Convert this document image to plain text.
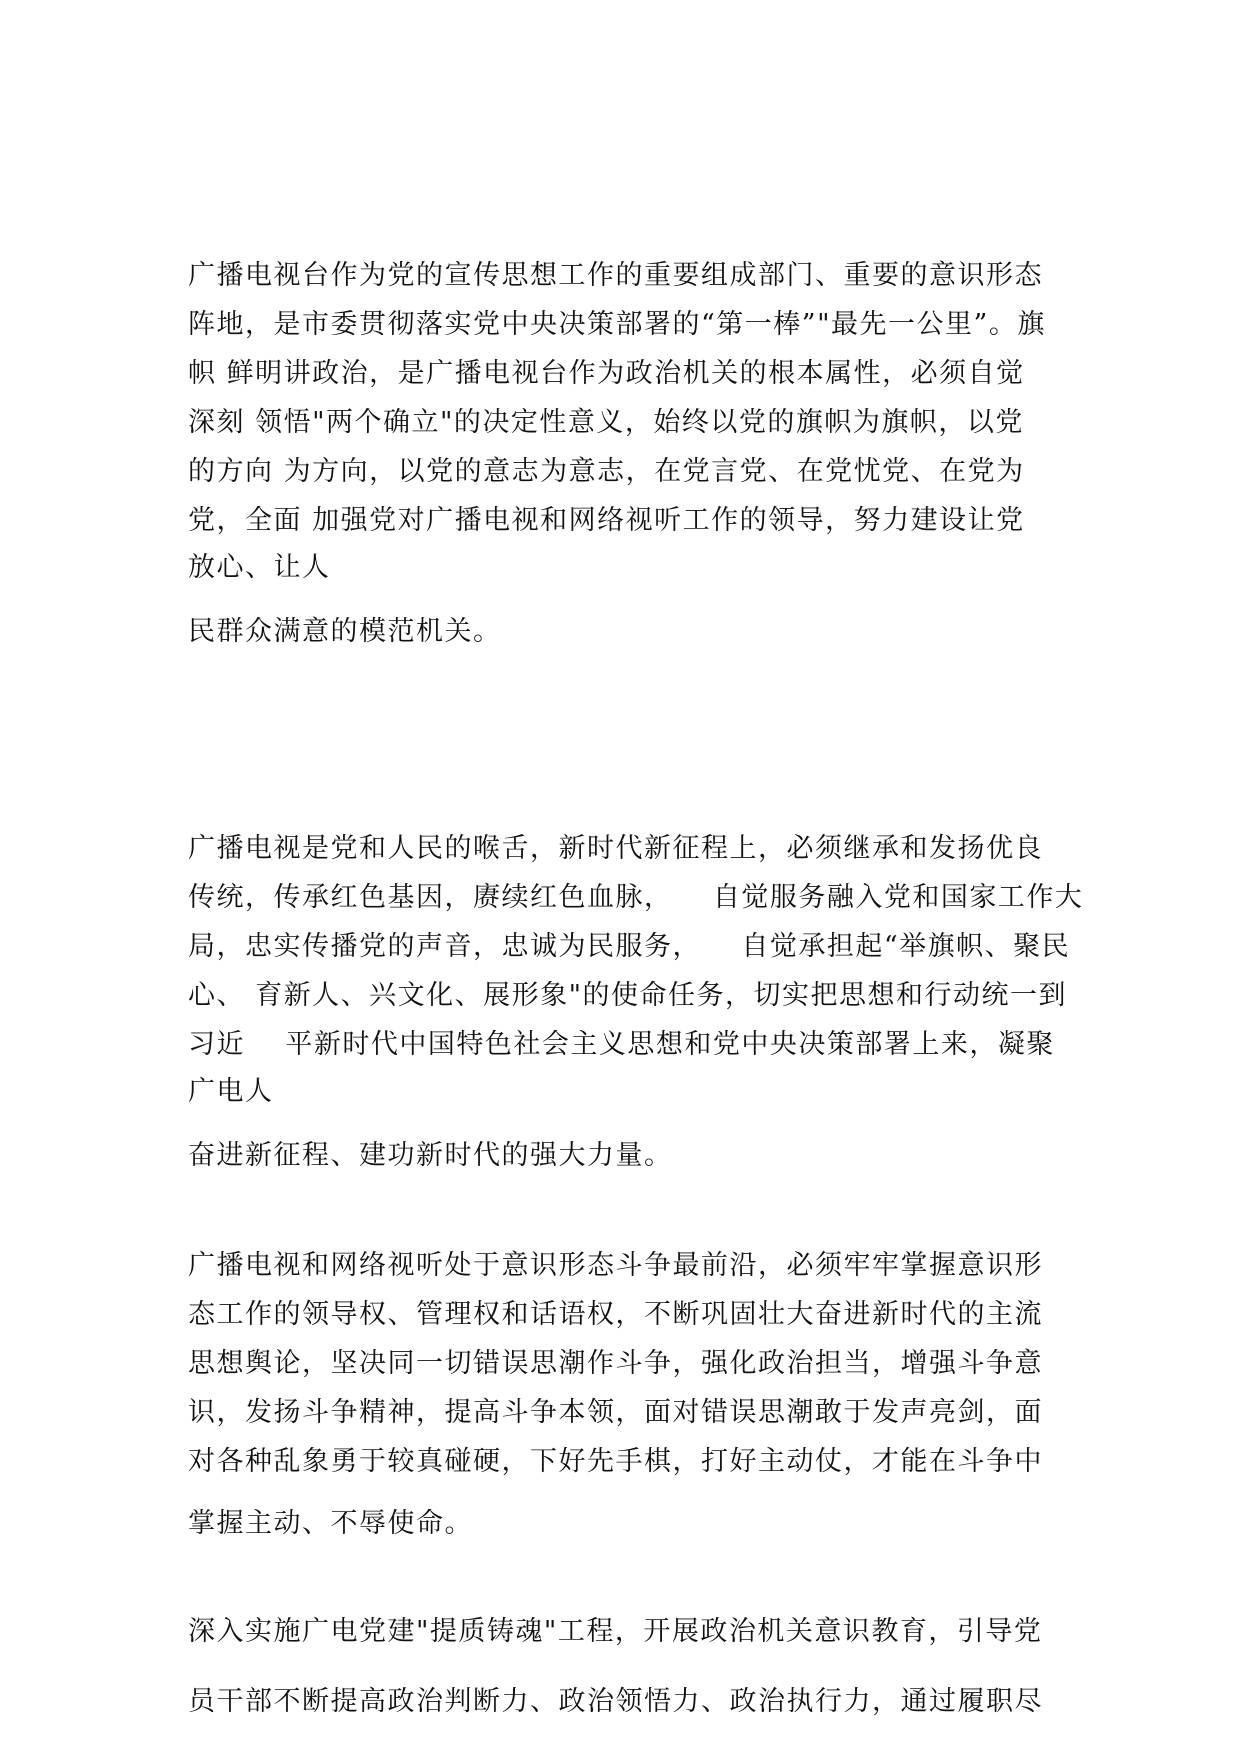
广播电视台作为党的宣传思想工作的重要组成部门、重要的意识形态

阵地，是市委贯彻落实党中央决策部署的“第一棒”"最先一公里”。旗

帜 鲜明讲政治，是广播电视台作为政治机关的根本属性，必须自觉

深刻 领悟"两个确立"的决定性意义，始终以党的旗帜为旗帜，以党

的方向 为方向，以党的意志为意志，在党言党、在党忧党、在党为

党，全面 加强党对广播电视和网络视听工作的领导，努力建设让党

放心、让人

民群众满意的模范机关。

广播电视是党和人民的喉舌，新时代新征程上，必须继承和发扬优良

传统，传承红色基因，赓续红色血脉，    自觉服务融入党和国家工作大

局，忠实传播党的声音，忠诚为民服务，    自觉承担起“举旗帜、聚民

心、 育新人、兴文化、展形象"的使命任务，切实把思想和行动统一到

习近    平新时代中国特色社会主义思想和党中央决策部署上来，凝聚

广电人

奋进新征程、建功新时代的强大力量。

广播电视和网络视听处于意识形态斗争最前沿，必须牢牢掌握意识形

态工作的领导权、管理权和话语权，不断巩固壮大奋进新时代的主流

思想舆论，坚决同一切错误思潮作斗争，强化政治担当，增强斗争意

识，发扬斗争精神，提高斗争本领，面对错误思潮敢于发声亮剑，面

对各种乱象勇于较真碰硬，下好先手棋，打好主动仗，才能在斗争中

掌握主动、不辱使命。

深入实施广电党建"提质铸魂"工程，开展政治机关意识教育，引导党

员干部不断提高政治判断力、政治领悟力、政治执行力，通过履职尽
